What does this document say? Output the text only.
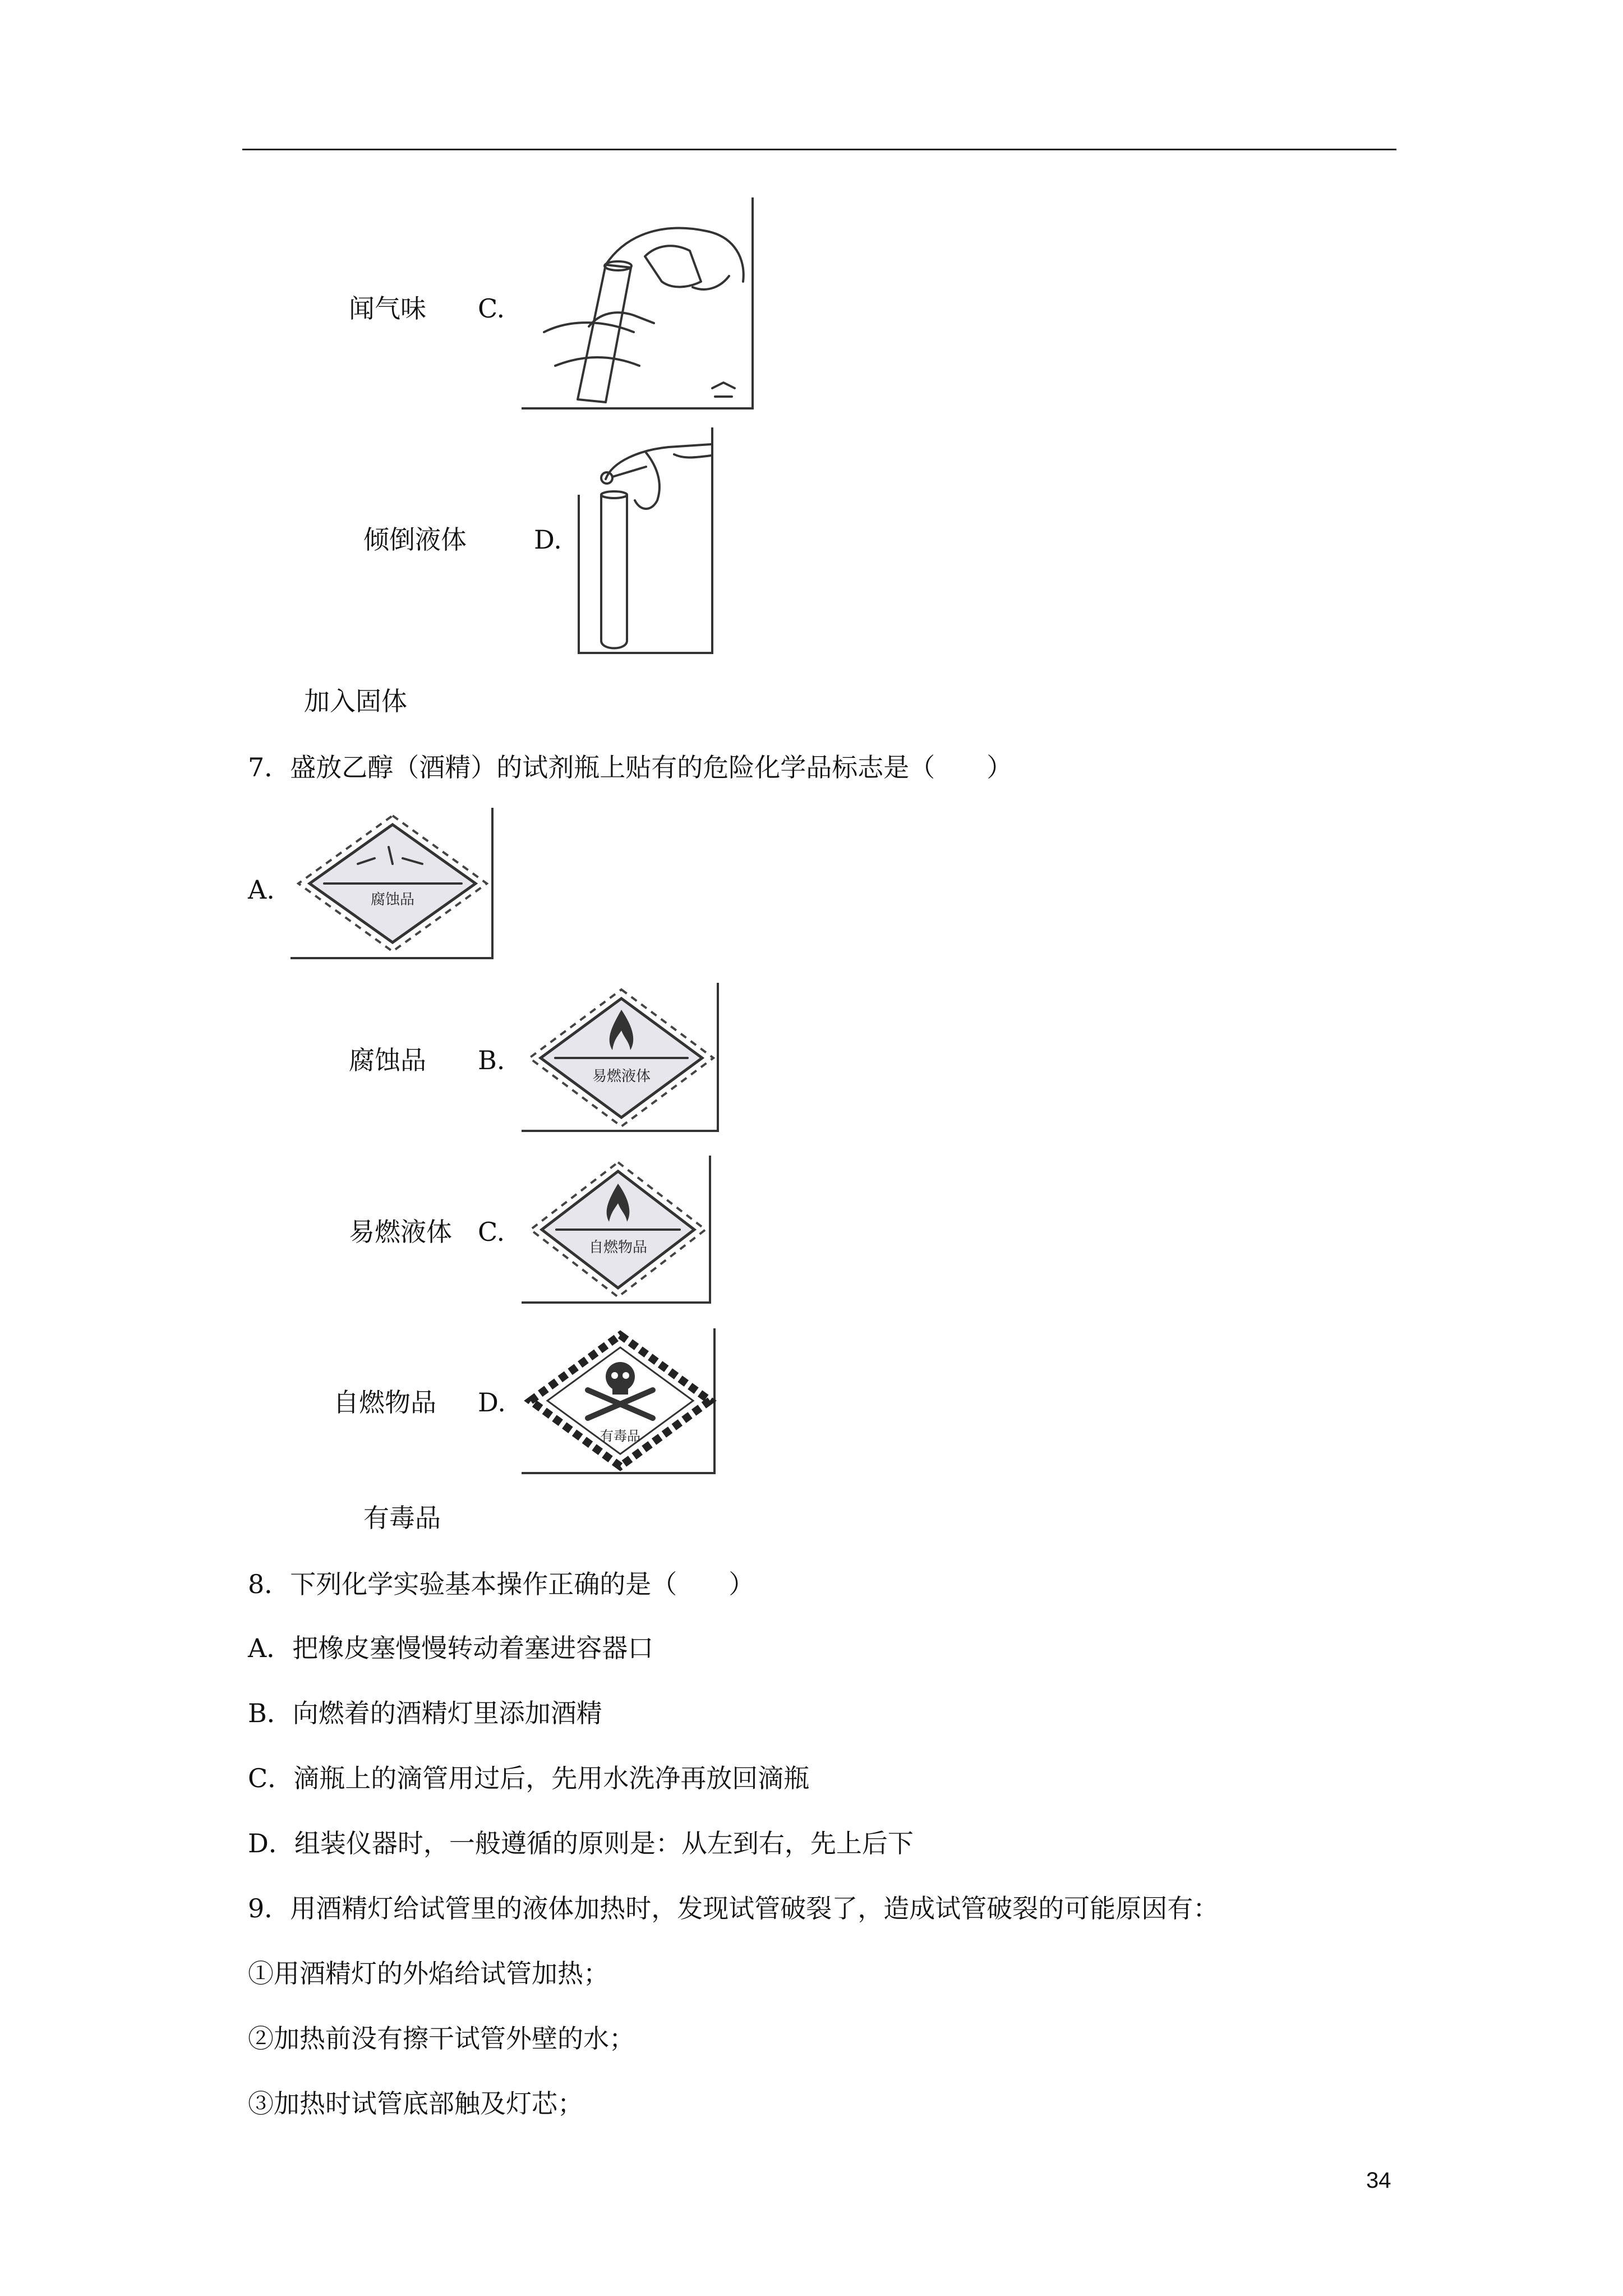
闻气味 C.
倾倒液体	D.
加入固体
7．盛放乙醇（酒精）的试剂瓶上贴有的危险化学品标志是（　　）
A.	腐蚀品
腐蚀品 B.
易燃液体
易燃液体 C.
自燃物品
自燃物品 D.
有毒品
有毒品
8．下列化学实验基本操作正确的是（　　）
A．把橡皮塞慢慢转动着塞进容器口
B．向燃着的酒精灯里添加酒精
C．滴瓶上的滴管用过后，先用水洗净再放回滴瓶
D．组装仪器时，一般遵循的原则是：从左到右，先上后下
9．用酒精灯给试管里的液体加热时，发现试管破裂了，造成试管破裂的可能原因有：
①用酒精灯的外焰给试管加热；
②加热前没有擦干试管外壁的水；
③加热时试管底部触及灯芯；
34
